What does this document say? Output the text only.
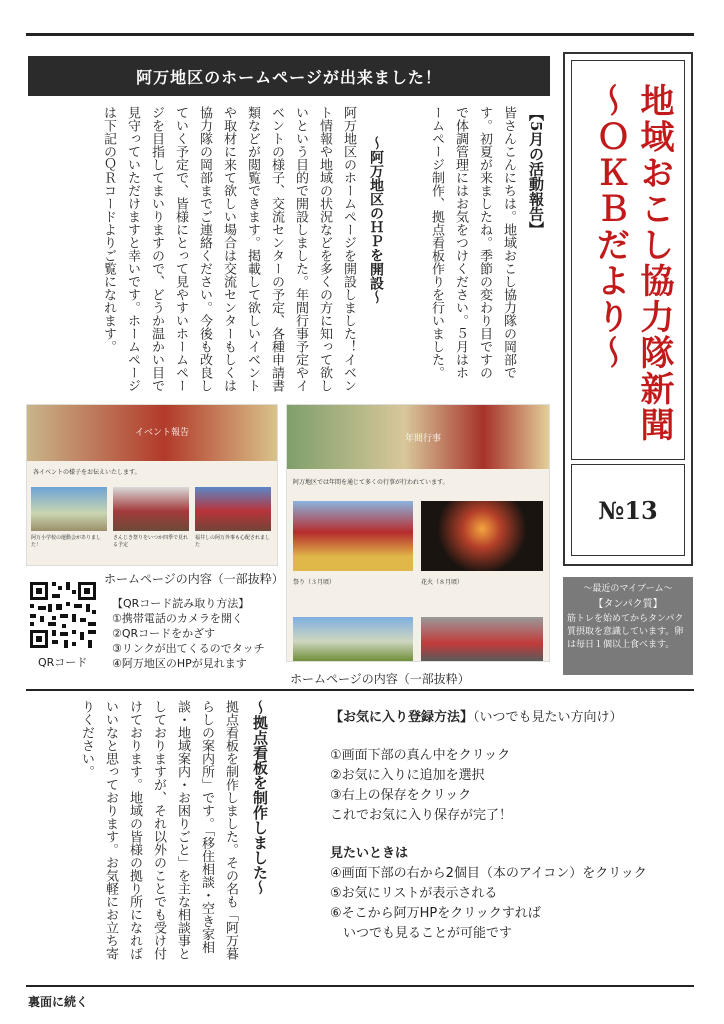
阿万地区のホームページが出来ました！
地域おこし協力隊新聞
～ＯＫＢだより～
№13
～最近のマイブーム～
【タンパク質】
筋トレを始めてからタンパク質摂取を意識しています。卵は毎日１個以上食べます。
【5月の活動報告】
皆さんこんにちは。地域おこし協力隊の岡部です。初夏が来ましたね。季節の変わり目ですので体調管理にはお気をつけください。５月はホームページ制作、拠点看板作りを行いました。
～阿万地区のＨＰを開設～
阿万地区のホームページを開設しました！イベント情報や地域の状況などを多くの方に知って欲しいという目的で開設しました。年間行事予定やイベントの様子、交流センターの予定、各種申請書類などが閲覧できます。掲載して欲しいイベントや取材に来て欲しい場合は交流センターもしくは協力隊の岡部までご連絡ください。今後も改良していく予定で、皆様にとって見やすいホームページを目指してまいりますので、どうか温かい目で見守っていただけますと幸いです。ホームページは下記のＱＲコードよりご覧になれます。
イベント報告
各イベントの様子をお伝えいたします。
阿万小学校の運動会がありました！
さんじき祭りをいつか四季で見れる予定
福井しの阿万外事も心配されました
年間行事
阿万地区では年間を通じて多くの行事が行われています。
祭り（３月頃）	花火（８月頃）
ホームページの内容（一部抜粋）
QRコード
【QRコード読み取り方法】
①携帯電話のカメラを開く
②QRコードをかざす
③リンクが出てくるのでタッチ
④阿万地区のHPが見れます
ホームページの内容（一部抜粋）
～拠点看板を制作しました～
拠点看板を制作しました。その名も「阿万暮らしの案内所」です。「移住相談・空き家相談・地域案内・お困りごと」を主な相談事としておりますが、それ以外のことでも受け付けております。地域の皆様の拠り所になればいいなと思っております。お気軽にお立ち寄りください。	【お気に入り登録方法】（いつでも見たい方向け）
①画面下部の真ん中をクリック
②お気に入りに追加を選択
③右上の保存をクリック
これでお気に入り保存が完了！
見たいときは
④画面下部の右から2個目（本のアイコン）をクリック
⑤お気にリストが表示される
⑥そこから阿万HPをクリックすれば
　いつでも見ることが可能です
裏面に続く
